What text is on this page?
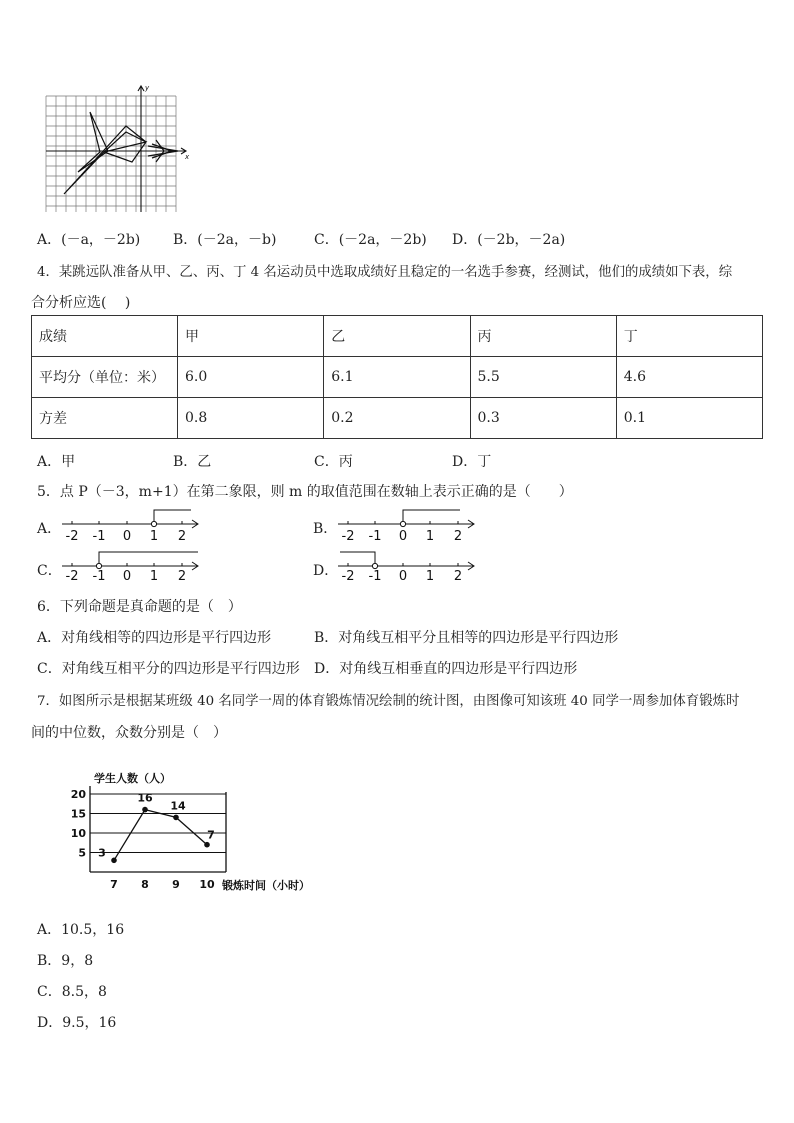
y
x
A．(－a，－2b) B．(－2a，－b)	C．(－2a，－2b) D．(－2b，－2a)
4．某跳远队准备从甲、乙、丙、丁 4 名运动员中选取成绩好且稳定的一名选手参赛，经测试，他们的成绩如下表，综
合分析应选(　 )
成绩	甲	乙	丙	丁
平均分（单位：米）	6.0	6.1	5.5	4.6
方差	0.8	0.2	0.3	0.1
A．甲	B．乙	C．丙	D．丁
5．点 P（－3，m+1）在第二象限，则 m 的取值范围在数轴上表示正确的是（　　）
A．	B．
C．	D．
-2 -1 0 1 2	-2 -1 0 1 2
-2 -1 0 1 2	-2 -1 0 1 2
6．下列命题是真命题的是（　）
A．对角线相等的四边形是平行四边形	B．对角线互相平分且相等的四边形是平行四边形
C．对角线互相平分的四边形是平行四边形 D．对角线互相垂直的四边形是平行四边形
7．如图所示是根据某班级 40 名同学一周的体育锻炼情况绘制的统计图，由图像可知该班 40 同学一周参加体育锻炼时
间的中位数，众数分别是（　）
5
10
15
20
7 8 9 10
3
16
14
7
学生人数（人）
锻炼时间（小时）
A．10.5，16
B．9，8
C．8.5，8
D．9.5，16
